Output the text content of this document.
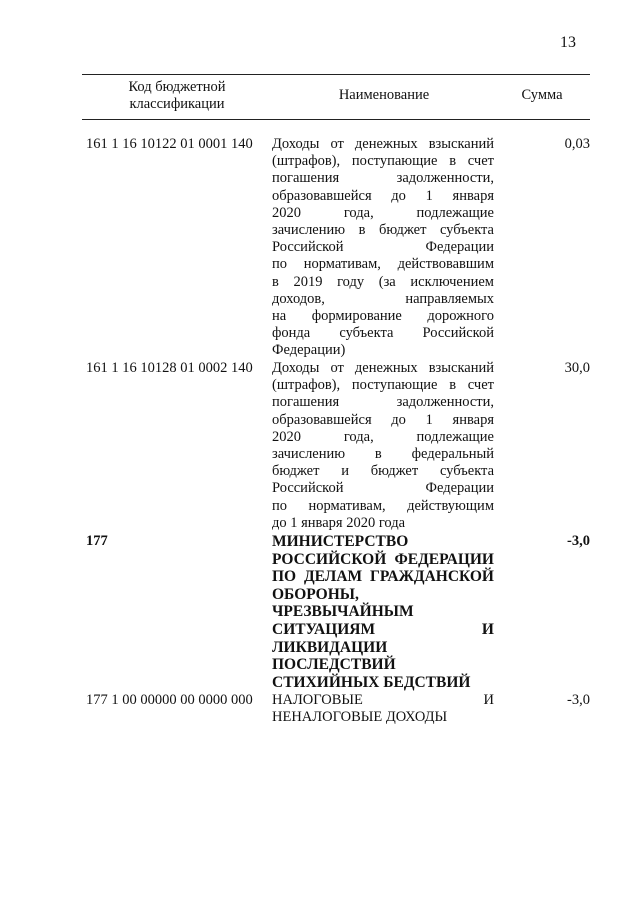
13
Код бюджетной
классификации
Наименование	Сумма
161 1 16 10122 01 0001 140 Доходы от денежных взысканий
(штрафов), поступающие в счет
погашения задолженности,
образовавшейся до 1 января
2020 года, подлежащие
зачислению в бюджет субъекта
Российской Федерации
по нормативам, действовавшим
в 2019 году (за исключением
доходов, направляемых
на формирование дорожного
фонда субъекта Российской
Федерации)
0,03
161 1 16 10128 01 0002 140 Доходы от денежных взысканий
(штрафов), поступающие в счет
погашения задолженности,
образовавшейся до 1 января
2020 года, подлежащие
зачислению в федеральный
бюджет и бюджет субъекта
Российской Федерации
по нормативам, действующим
до 1 января 2020 года
30,0
177	МИНИСТЕРСТВО
РОССИЙСКОЙ ФЕДЕРАЦИИ
ПО ДЕЛАМ ГРАЖДАНСКОЙ
ОБОРОНЫ,
ЧРЕЗВЫЧАЙНЫМ
СИТУАЦИЯМ И
ЛИКВИДАЦИИ
ПОСЛЕДСТВИЙ
СТИХИЙНЫХ БЕДСТВИЙ
-3,0
177 1 00 00000 00 0000 000 НАЛОГОВЫЕ И
НЕНАЛОГОВЫЕ ДОХОДЫ
-3,0
